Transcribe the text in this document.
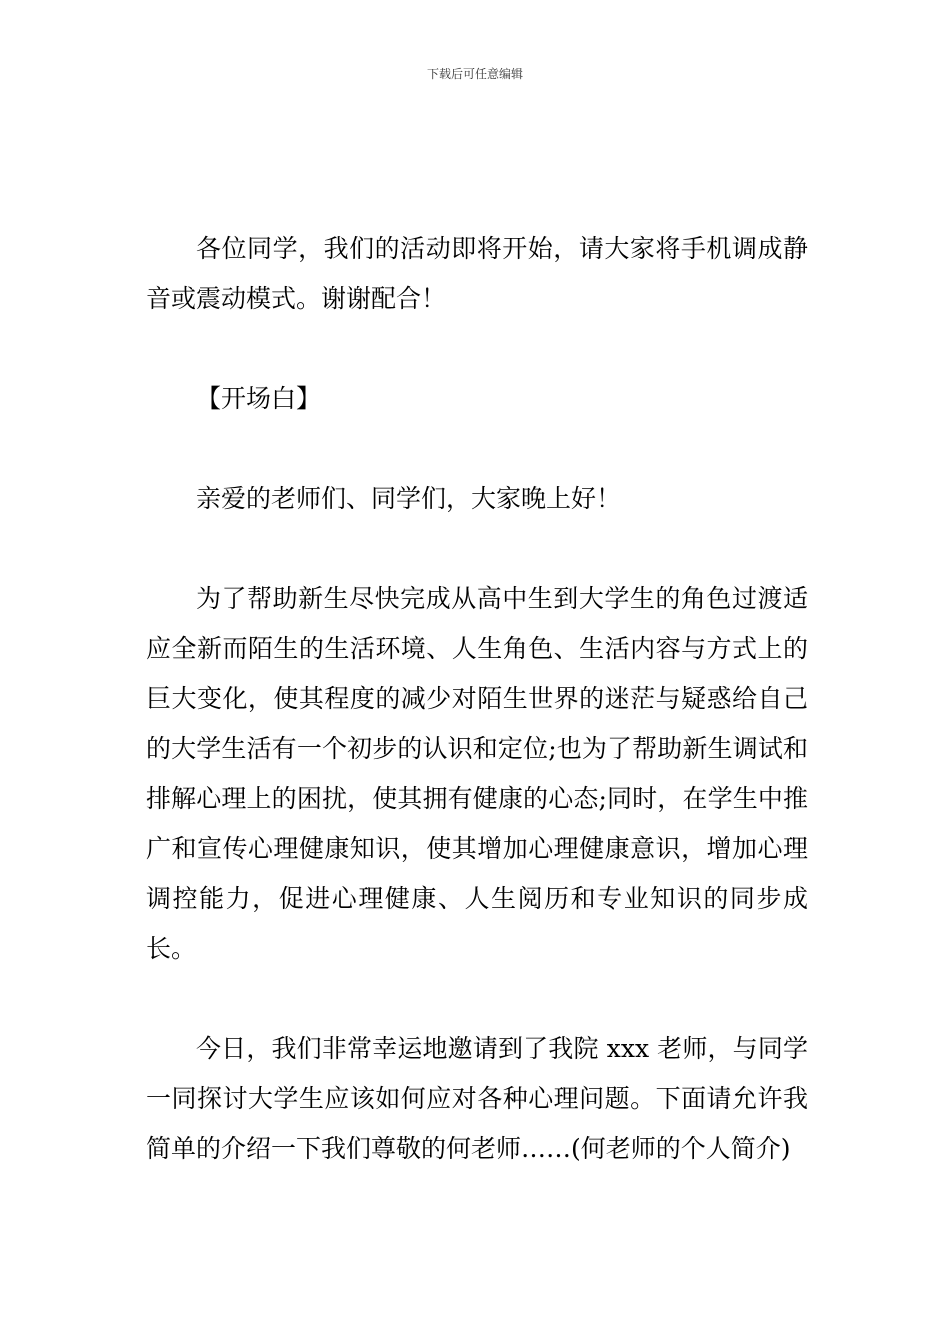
下载后可任意编辑

各位同学，我们的活动即将开始，请大家将手机调成静音或震动模式。谢谢配合！

【开场白】

亲爱的老师们、同学们，大家晚上好！

为了帮助新生尽快完成从高中生到大学生的角色过渡适应全新而陌生的生活环境、人生角色、生活内容与方式上的巨大变化，使其程度的减少对陌生世界的迷茫与疑惑给自己的大学生活有一个初步的认识和定位;也为了帮助新生调试和排解心理上的困扰，使其拥有健康的心态;同时，在学生中推广和宣传心理健康知识，使其增加心理健康意识，增加心理调控能力，促进心理健康、人生阅历和专业知识的同步成长。

今日，我们非常幸运地邀请到了我院 xxx 老师，与同学一同探讨大学生应该如何应对各种心理问题。下面请允许我简单的介绍一下我们尊敬的何老师……(何老师的个人简介)
